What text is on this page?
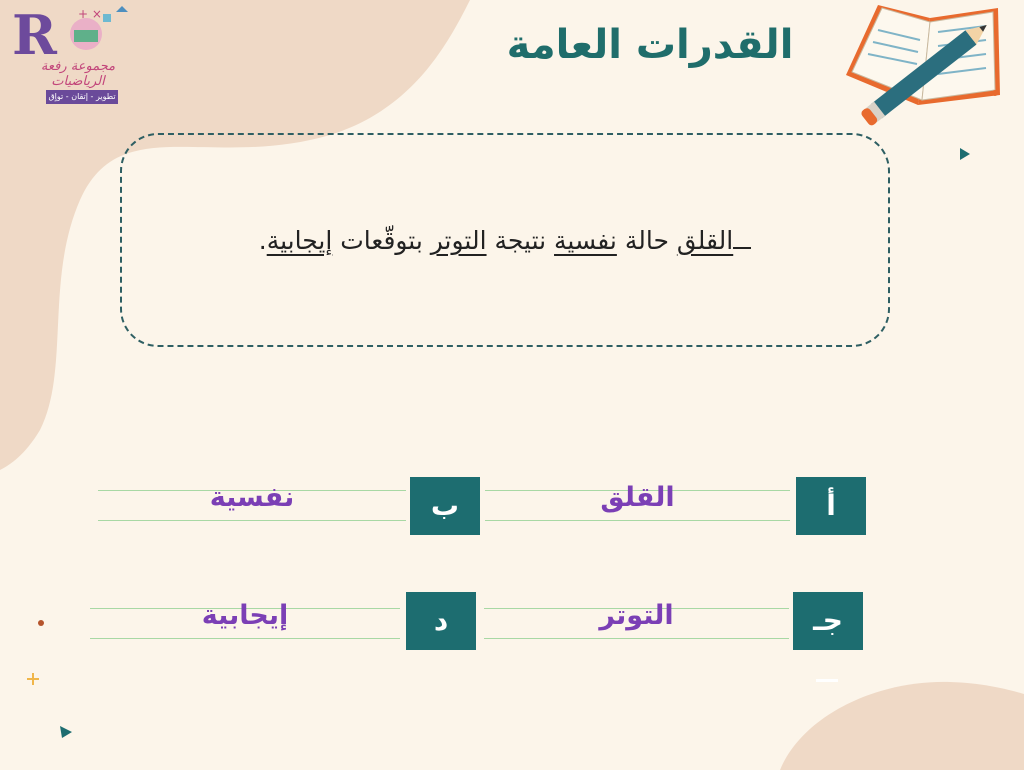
R + ×
مجموعة رفعة الرياضيات
تطوير - إتقان - تواٍق
القدرات العامة
القلق حالة نفسية نتيجة التوتر بتوقّعات إيجابية.
أ
القلق
ب
نفسية
جـ
التوتر
د
إيجابية
